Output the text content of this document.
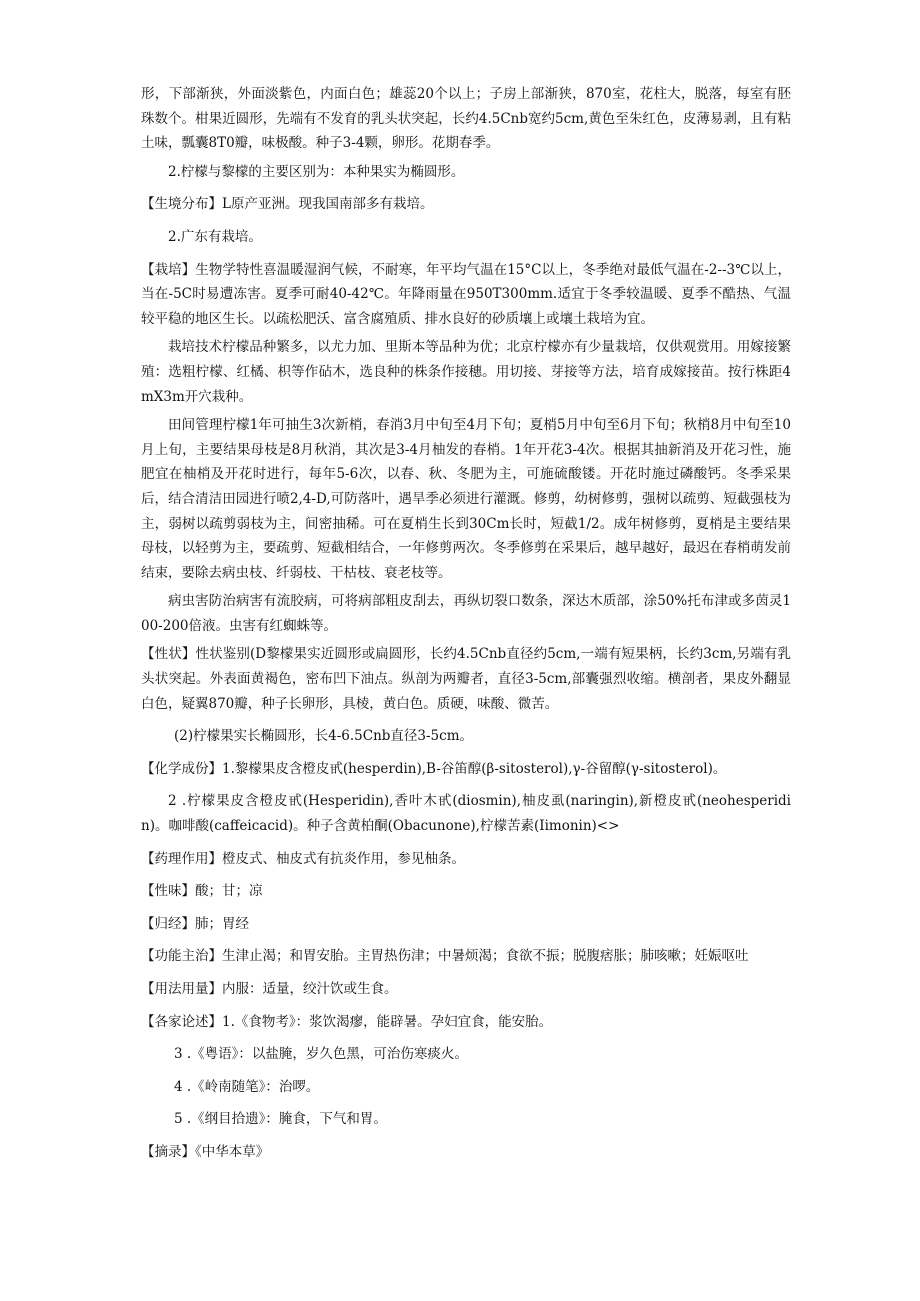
形，下部渐狭，外面淡紫色，内面白色；雄蕊20个以上；子房上部渐狭，870室，花柱大，脱落，每室有胚珠数个。柑果近圆形，先端有不发育的乳头状突起，长约4.5Cnb宽约5cm,黄色至朱红色，皮薄易剥，且有粘土味，瓢囊8T0瓣，味极酸。种子3-4颗，卵形。花期春季。

2.柠檬与黎檬的主要区别为：本种果实为椭圆形。

【生境分布】L原产亚洲。现我国南部多有栽培。

2.广东有栽培。

【栽培】生物学特性喜温暖湿润气候，不耐寒，年平均气温在15°C以上，冬季绝对最低气温在-2--3℃以上，当在-5C时易遭冻害。夏季可耐40-42℃。年降雨量在950T300mm.适宜于冬季较温暖、夏季不酷热、气温较平稳的地区生长。以疏松肥沃、富含腐殖质、排水良好的砂质壤上或壤土栽培为宜。

栽培技术柠檬品种繁多，以尤力加、里斯本等品种为优；北京柠檬亦有少量栽培，仅供观赏用。用嫁接繁殖：选粗柠檬、红橘、枳等作砧木，选良种的株条作接穗。用切接、芽接等方法，培育成嫁接苗。按行株距4mX3m开穴栽种。

田间管理柠檬1年可抽生3次新梢，春消3月中旬至4月下旬；夏梢5月中旬至6月下旬；秋梢8月中旬至10月上旬，主要结果母枝是8月秋消，其次是3-4月柚发的春梢。1年开花3-4次。根据其抽新消及开花习性，施肥宜在柚梢及开花时进行，每年5-6次，以春、秋、冬肥为主，可施硫酸镂。开花时施过磷酸钙。冬季采果后，结合清洁田园进行喷2,4-D,可防落叶，遇旱季必须进行灌溉。修剪，幼树修剪，强树以疏剪、短截强枝为主，弱树以疏剪弱枝为主，间密抽稀。可在夏梢生长到30Cm长时，短截1/2。成年树修剪，夏梢是主要结果母枝，以轻剪为主，要疏剪、短截相结合，一年修剪两次。冬季修剪在采果后，越早越好，最迟在春梢萌发前结束，要除去病虫枝、纤弱枝、干枯枝、衰老枝等。

病虫害防治病害有流胶病，可将病部粗皮刮去，再纵切裂口数条，深达木质部，涂50%托布津或多茵灵100-200倍液。虫害有红蜘蛛等。

【性状】性状鉴别(D黎檬果实近圆形或扁圆形，长约4.5Cnb直径约5cm,一端有短果柄，长约3cm,另端有乳头状突起。外表面黄褐色，密布凹下油点。纵剖为两瓣者，直径3-5cm,部囊强烈收缩。横剖者，果皮外翻显白色，疑翼870瓣，种子长卵形，具棱，黄白色。质硬，味酸、微苦。

(2)柠檬果实长椭圆形，长4-6.5Cnb直径3-5cm。

【化学成份】1.黎檬果皮含橙皮甙(hesperdin),B-谷笛醇(β-sitosterol),γ-谷留醇(γ-sitosterol)。

2 .柠檬果皮含橙皮甙(Hesperidin),香叶木甙(diosmin),柚皮虱(naringin),新橙皮甙(neohesperidin)。咖啡酸(caffeicacid)。种子含黄柏酮(Obacunone),柠檬苦素(Iimonin)<>

【药理作用】橙皮式、柚皮式有抗炎作用，参见柚条。

【性味】酸；甘；凉

【归经】肺；胃经

【功能主治】生津止渴；和胃安胎。主胃热伤津；中暑烦渴；食欲不振；脱腹痞胀；肺咳嗽；妊娠呕吐

【用法用量】内服：适量，绞汁饮或生食。

【各家论述】1.《食物考》：浆饮渴瘳，能辟暑。孕妇宜食，能安胎。

3 .《粤语》：以盐腌，岁久色黑，可治伤寒痰火。

4 .《岭南随笔》：治啰。

5 .《纲目拾遗》：腌食，下气和胃。

【摘录】《中华本草》
